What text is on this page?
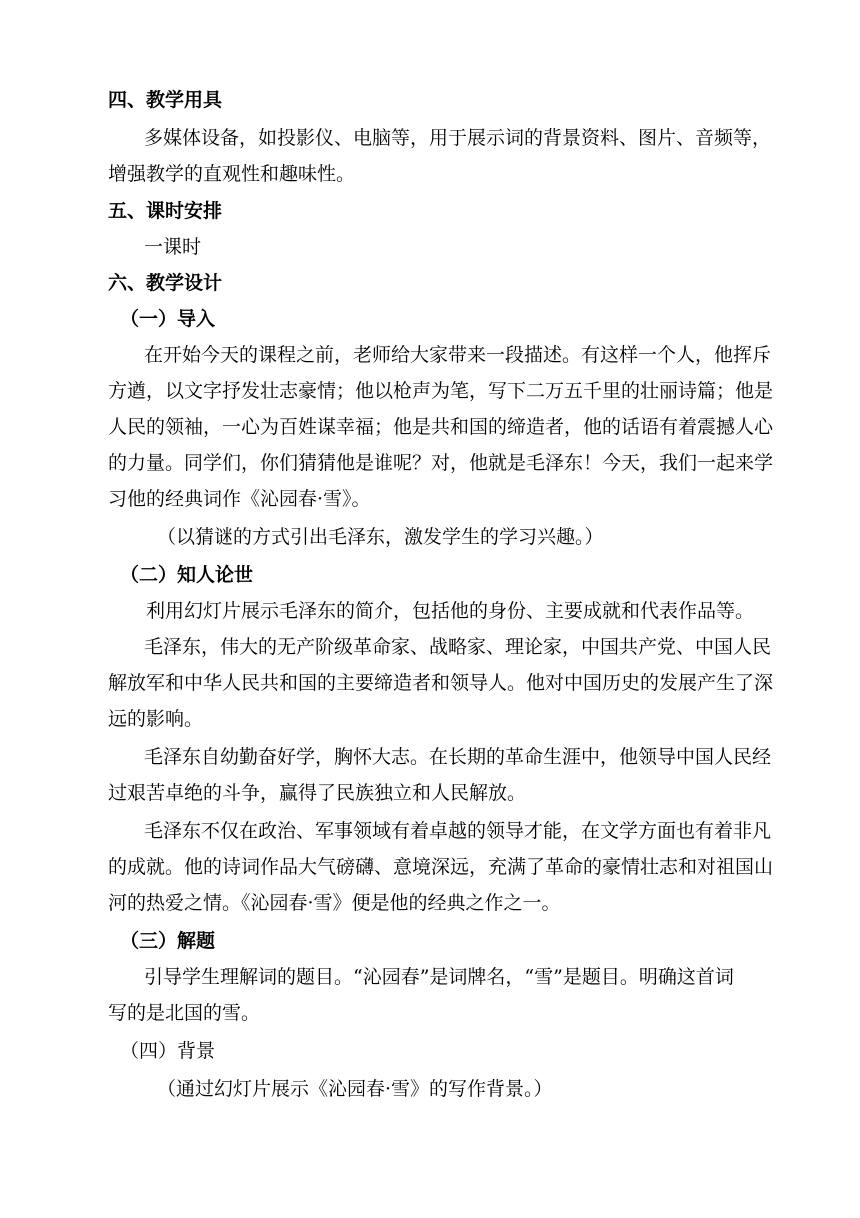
四、教学用具
多媒体设备，如投影仪、电脑等，用于展示词的背景资料、图片、音频等，
增强教学的直观性和趣味性。
五、课时安排
一课时
六、教学设计
（一）导入
在开始今天的课程之前，老师给大家带来一段描述。有这样一个人，他挥斥
方遒，以文字抒发壮志豪情；他以枪声为笔，写下二万五千里的壮丽诗篇；他是
人民的领袖，一心为百姓谋幸福；他是共和国的缔造者，他的话语有着震撼人心
的力量。同学们，你们猜猜他是谁呢？对，他就是毛泽东！今天，我们一起来学
习他的经典词作《沁园春·雪》。
（以猜谜的方式引出毛泽东，激发学生的学习兴趣。）
（二）知人论世
利用幻灯片展示毛泽东的简介，包括他的身份、主要成就和代表作品等。
毛泽东，伟大的无产阶级革命家、战略家、理论家，中国共产党、中国人民
解放军和中华人民共和国的主要缔造者和领导人。他对中国历史的发展产生了深
远的影响。
毛泽东自幼勤奋好学，胸怀大志。在长期的革命生涯中，他领导中国人民经
过艰苦卓绝的斗争，赢得了民族独立和人民解放。
毛泽东不仅在政治、军事领域有着卓越的领导才能，在文学方面也有着非凡
的成就。他的诗词作品大气磅礴、意境深远，充满了革命的豪情壮志和对祖国山
河的热爱之情。《沁园春·雪》便是他的经典之作之一。
（三）解题
引导学生理解词的题目。“沁园春”是词牌名，“雪”是题目。明确这首词
写的是北国的雪。
（四）背景
（通过幻灯片展示《沁园春·雪》的写作背景。）
